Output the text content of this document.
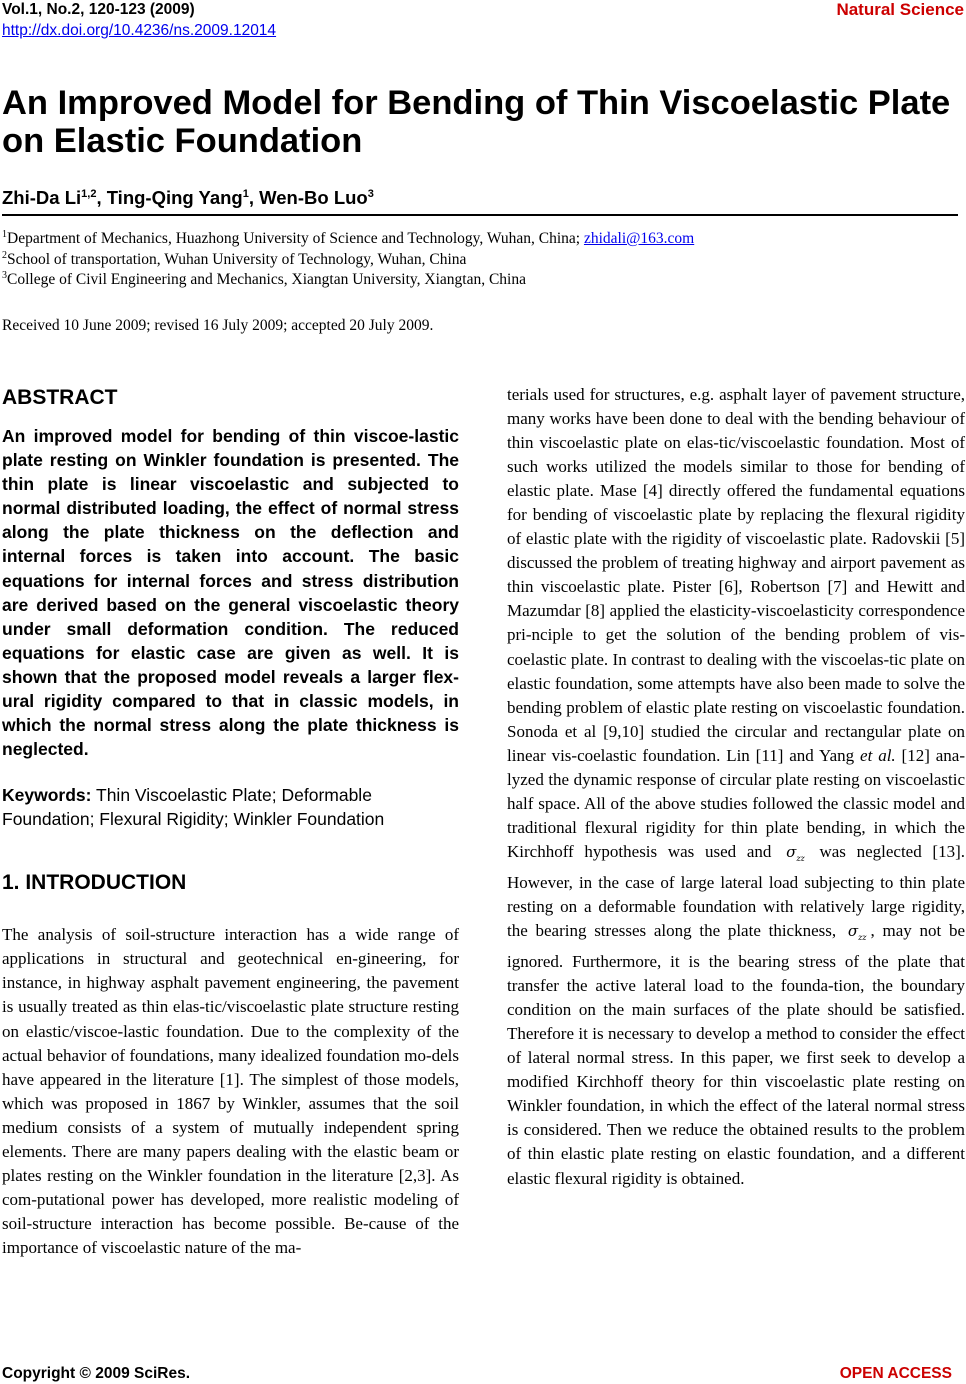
Vol.1, No.2, 120-123 (2009)
http://dx.doi.org/10.4236/ns.2009.12014
Natural Science
An Improved Model for Bending of Thin Viscoelastic Plate on Elastic Foundation
Zhi-Da Li$^{1,2}$, Ting-Qing Yang$^1$, Wen-Bo Luo$^3$
$^1$Department of Mechanics, Huazhong University of Science and Technology, Wuhan, China; zhidali@163.com
$^2$School of transportation, Wuhan University of Technology, Wuhan, China
$^3$College of Civil Engineering and Mechanics, Xiangtan University, Xiangtan, China
Received 10 June 2009; revised 16 July 2009; accepted 20 July 2009.
ABSTRACT

An improved model for bending of thin viscoe-lastic plate resting on Winkler foundation is presented. The thin plate is linear viscoelastic and subjected to normal distributed loading, the effect of normal stress along the plate thickness on the deflection and internal forces is taken into account. The basic equations for internal forces and stress distribution are derived based on the general viscoelastic theory under small deformation condition. The reduced equations for elastic case are given as well. It is shown that the proposed model reveals a larger flex-ural rigidity compared to that in classic models, in which the normal stress along the plate thickness is neglected.

Keywords: Thin Viscoelastic Plate; Deformable Foundation; Flexural Rigidity; Winkler Foundation

1. INTRODUCTION

The analysis of soil-structure interaction has a wide range of applications in structural and geotechnical en-gineering, for instance, in highway asphalt pavement engineering, the pavement is usually treated as thin elas-tic/viscoelastic plate structure resting on elastic/viscoe-lastic foundation. Due to the complexity of the actual behavior of foundations, many idealized foundation mo-dels have appeared in the literature [1]. The simplest of those models, which was proposed in 1867 by Winkler, assumes that the soil medium consists of a system of mutually independent spring elements. There are many papers dealing with the elastic beam or plates resting on the Winkler foundation in the literature [2,3]. As com-putational power has developed, more realistic modeling of soil-structure interaction has become possible. Be-cause of the importance of viscoelastic nature of the ma-

terials used for structures, e.g. asphalt layer of pavement structure, many works have been done to deal with the bending behaviour of thin viscoelastic plate on elas-tic/viscoelastic foundation. Most of such works utilized the models similar to those for bending of elastic plate. Mase [4] directly offered the fundamental equations for bending of viscoelastic plate by replacing the flexural rigidity of elastic plate with the rigidity of viscoelastic plate. Radovskii [5] discussed the problem of treating highway and airport pavement as thin viscoelastic plate. Pister [6], Robertson [7] and Hewitt and Mazumdar [8] applied the elasticity-viscoelasticity correspondence pri-nciple to get the solution of the bending problem of vis-coelastic plate. In contrast to dealing with the viscoelas-tic plate on elastic foundation, some attempts have also been made to solve the bending problem of elastic plate resting on viscoelastic foundation. Sonoda et al [9,10] studied the circular and rectangular plate on linear vis-coelastic foundation. Lin [11] and Yang et al. [12] ana-lyzed the dynamic response of circular plate resting on viscoelastic half space. All of the above studies followed the classic model and traditional flexural rigidity for thin plate bending, in which the Kirchhoff hypothesis was used and $\sigma_{zz}$ was neglected [13]. However, in the case of large lateral load subjecting to thin plate resting on a deformable foundation with relatively large rigidity, the bearing stresses along the plate thickness, $\sigma_{zz}$ , may not be ignored. Furthermore, it is the bearing stress of the plate that transfer the active lateral load to the founda-tion, the boundary condition on the main surfaces of the plate should be satisfied. Therefore it is necessary to develop a method to consider the effect of lateral normal stress. In this paper, we first seek to develop a modified Kirchhoff theory for thin viscoelastic plate resting on Winkler foundation, in which the effect of the lateral normal stress is considered. Then we reduce the obtained results to the problem of thin elastic plate resting on elastic foundation, and a different elastic flexural rigidity is obtained.

Copyright © 2009 SciRes.	OPEN ACCESS
